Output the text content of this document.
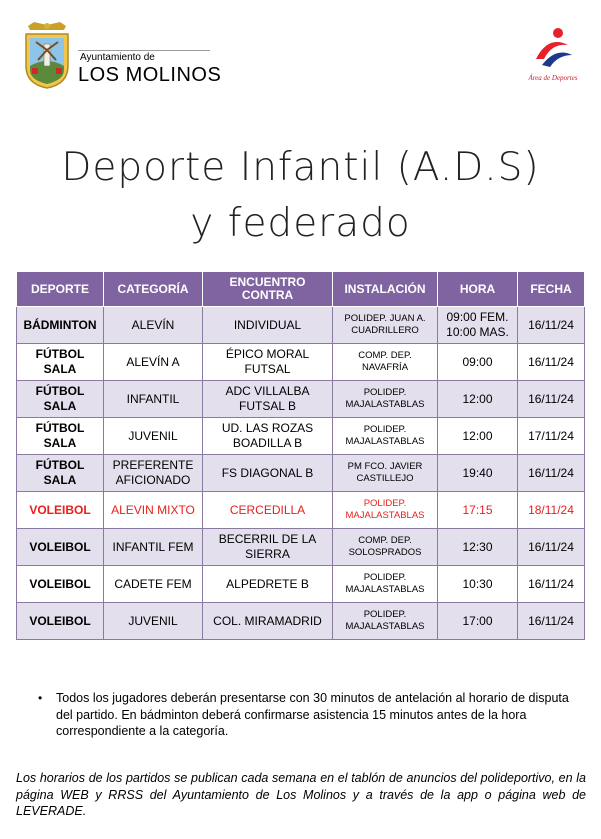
Ayuntamiento de
LOS MOLINOS	Área de Deportes
Deporte Infantil (A.D.S)
y federado
DEPORTE	CATEGORÍA	ENCUENTRO CONTRA	INSTALACIÓN	HORA	FECHA
BÁDMINTON	ALEVÍN	INDIVIDUAL	POLIDEP. JUAN A. CUADRILLERO	09:00 FEM. 10:00 MAS.	16/11/24
FÚTBOL SALA	ALEVÍN A	ÉPICO MORAL FUTSAL	COMP. DEP. NAVAFRÍA	09:00	16/11/24
FÚTBOL SALA	INFANTIL	ADC VILLALBA FUTSAL B	POLIDEP. MAJALASTABLAS	12:00	16/11/24
FÚTBOL SALA	JUVENIL	UD. LAS ROZAS BOADILLA B	POLIDEP. MAJALASTABLAS	12:00	17/11/24
FÚTBOL SALA	PREFERENTE AFICIONADO	FS DIAGONAL B	PM FCO. JAVIER CASTILLEJO	19:40	16/11/24
VOLEIBOL	ALEVIN MIXTO	CERCEDILLA	POLIDEP. MAJALASTABLAS	17:15	18/11/24
VOLEIBOL	INFANTIL FEM	BECERRIL DE LA SIERRA	COMP. DEP. SOLOSPRADOS	12:30	16/11/24
VOLEIBOL	CADETE FEM	ALPEDRETE B	POLIDEP. MAJALASTABLAS	10:30	16/11/24
VOLEIBOL	JUVENIL	COL. MIRAMADRID	POLIDEP. MAJALASTABLAS	17:00	16/11/24
• Todos los jugadores deberán presentarse con 30 minutos de antelación al horario de disputa del partido. En bádminton deberá confirmarse asistencia 15 minutos antes de la hora correspondiente a la categoría.
Los horarios de los partidos se publican cada semana en el tablón de anuncios del polideportivo, en la página WEB y RRSS del Ayuntamiento de Los Molinos y a través de la app o página web de LEVERADE.
